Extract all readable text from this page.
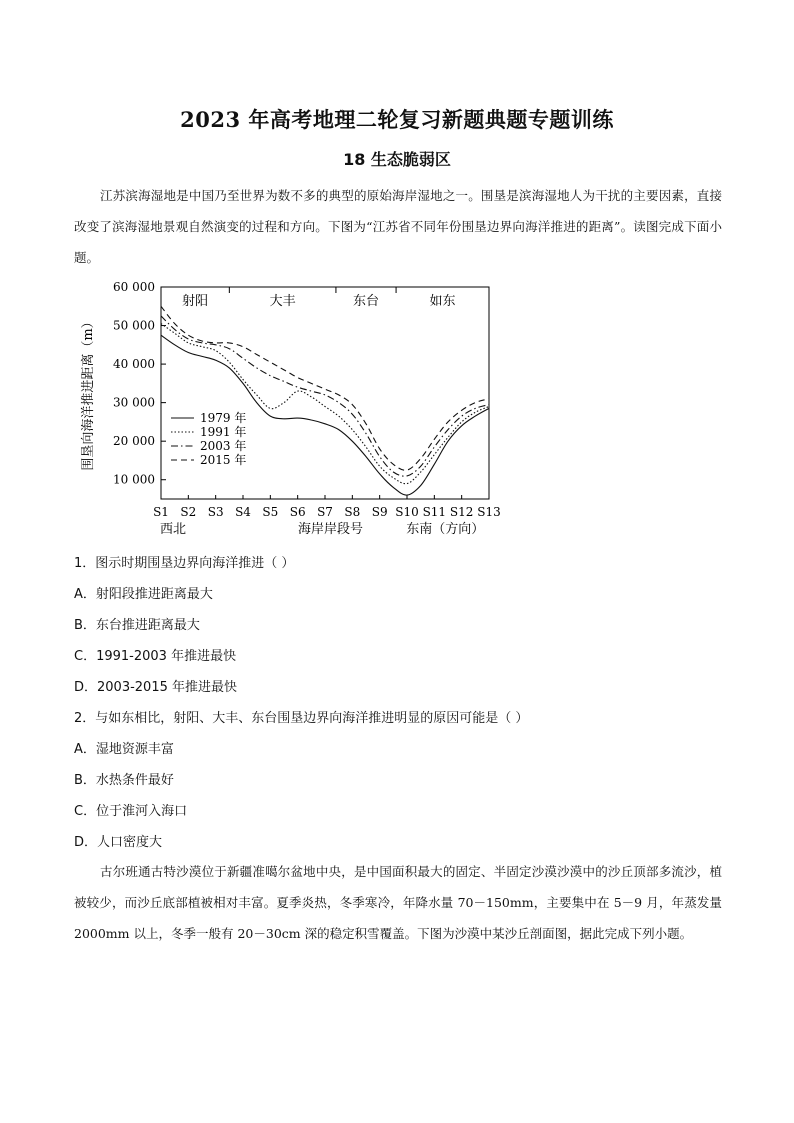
2023 年高考地理二轮复习新题典题专题训练
18 生态脆弱区
江苏滨海湿地是中国乃至世界为数不多的典型的原始海岸湿地之一。围垦是滨海湿地人为干扰的主要因素，直接改变了滨海湿地景观自然演变的过程和方向。下图为“江苏省不同年份围垦边界向海洋推进的距离”。读图完成下面小题。
10 000
20 000
30 000
40 000
50 000
60 000
S1 S2 S3 S4 S5 S6 S7 S8 S9 S10 S11 S12 S13
射阳	大丰	东台	如东
1979 年
1991 年
2003 年
2015 年
围垦向海洋推进距离（m）
西北	海岸岸段号	东南（方向）
1．图示时期围垦边界向海洋推进（ ）
A．射阳段推进距离最大
B．东台推进距离最大
C．1991-2003 年推进最快
D．2003-2015 年推进最快
2．与如东相比，射阳、大丰、东台围垦边界向海洋推进明显的原因可能是（ ）
A．湿地资源丰富
B．水热条件最好
C．位于淮河入海口
D．人口密度大
古尔班通古特沙漠位于新疆准噶尔盆地中央，是中国面积最大的固定、半固定沙漠沙漠中的沙丘顶部多流沙，植被较少，而沙丘底部植被相对丰富。夏季炎热，冬季寒冷，年降水量 70－150mm，主要集中在 5－9 月，年蒸发量 2000mm 以上，冬季一般有 20－30cm 深的稳定积雪覆盖。下图为沙漠中某沙丘剖面图，据此完成下列小题。
